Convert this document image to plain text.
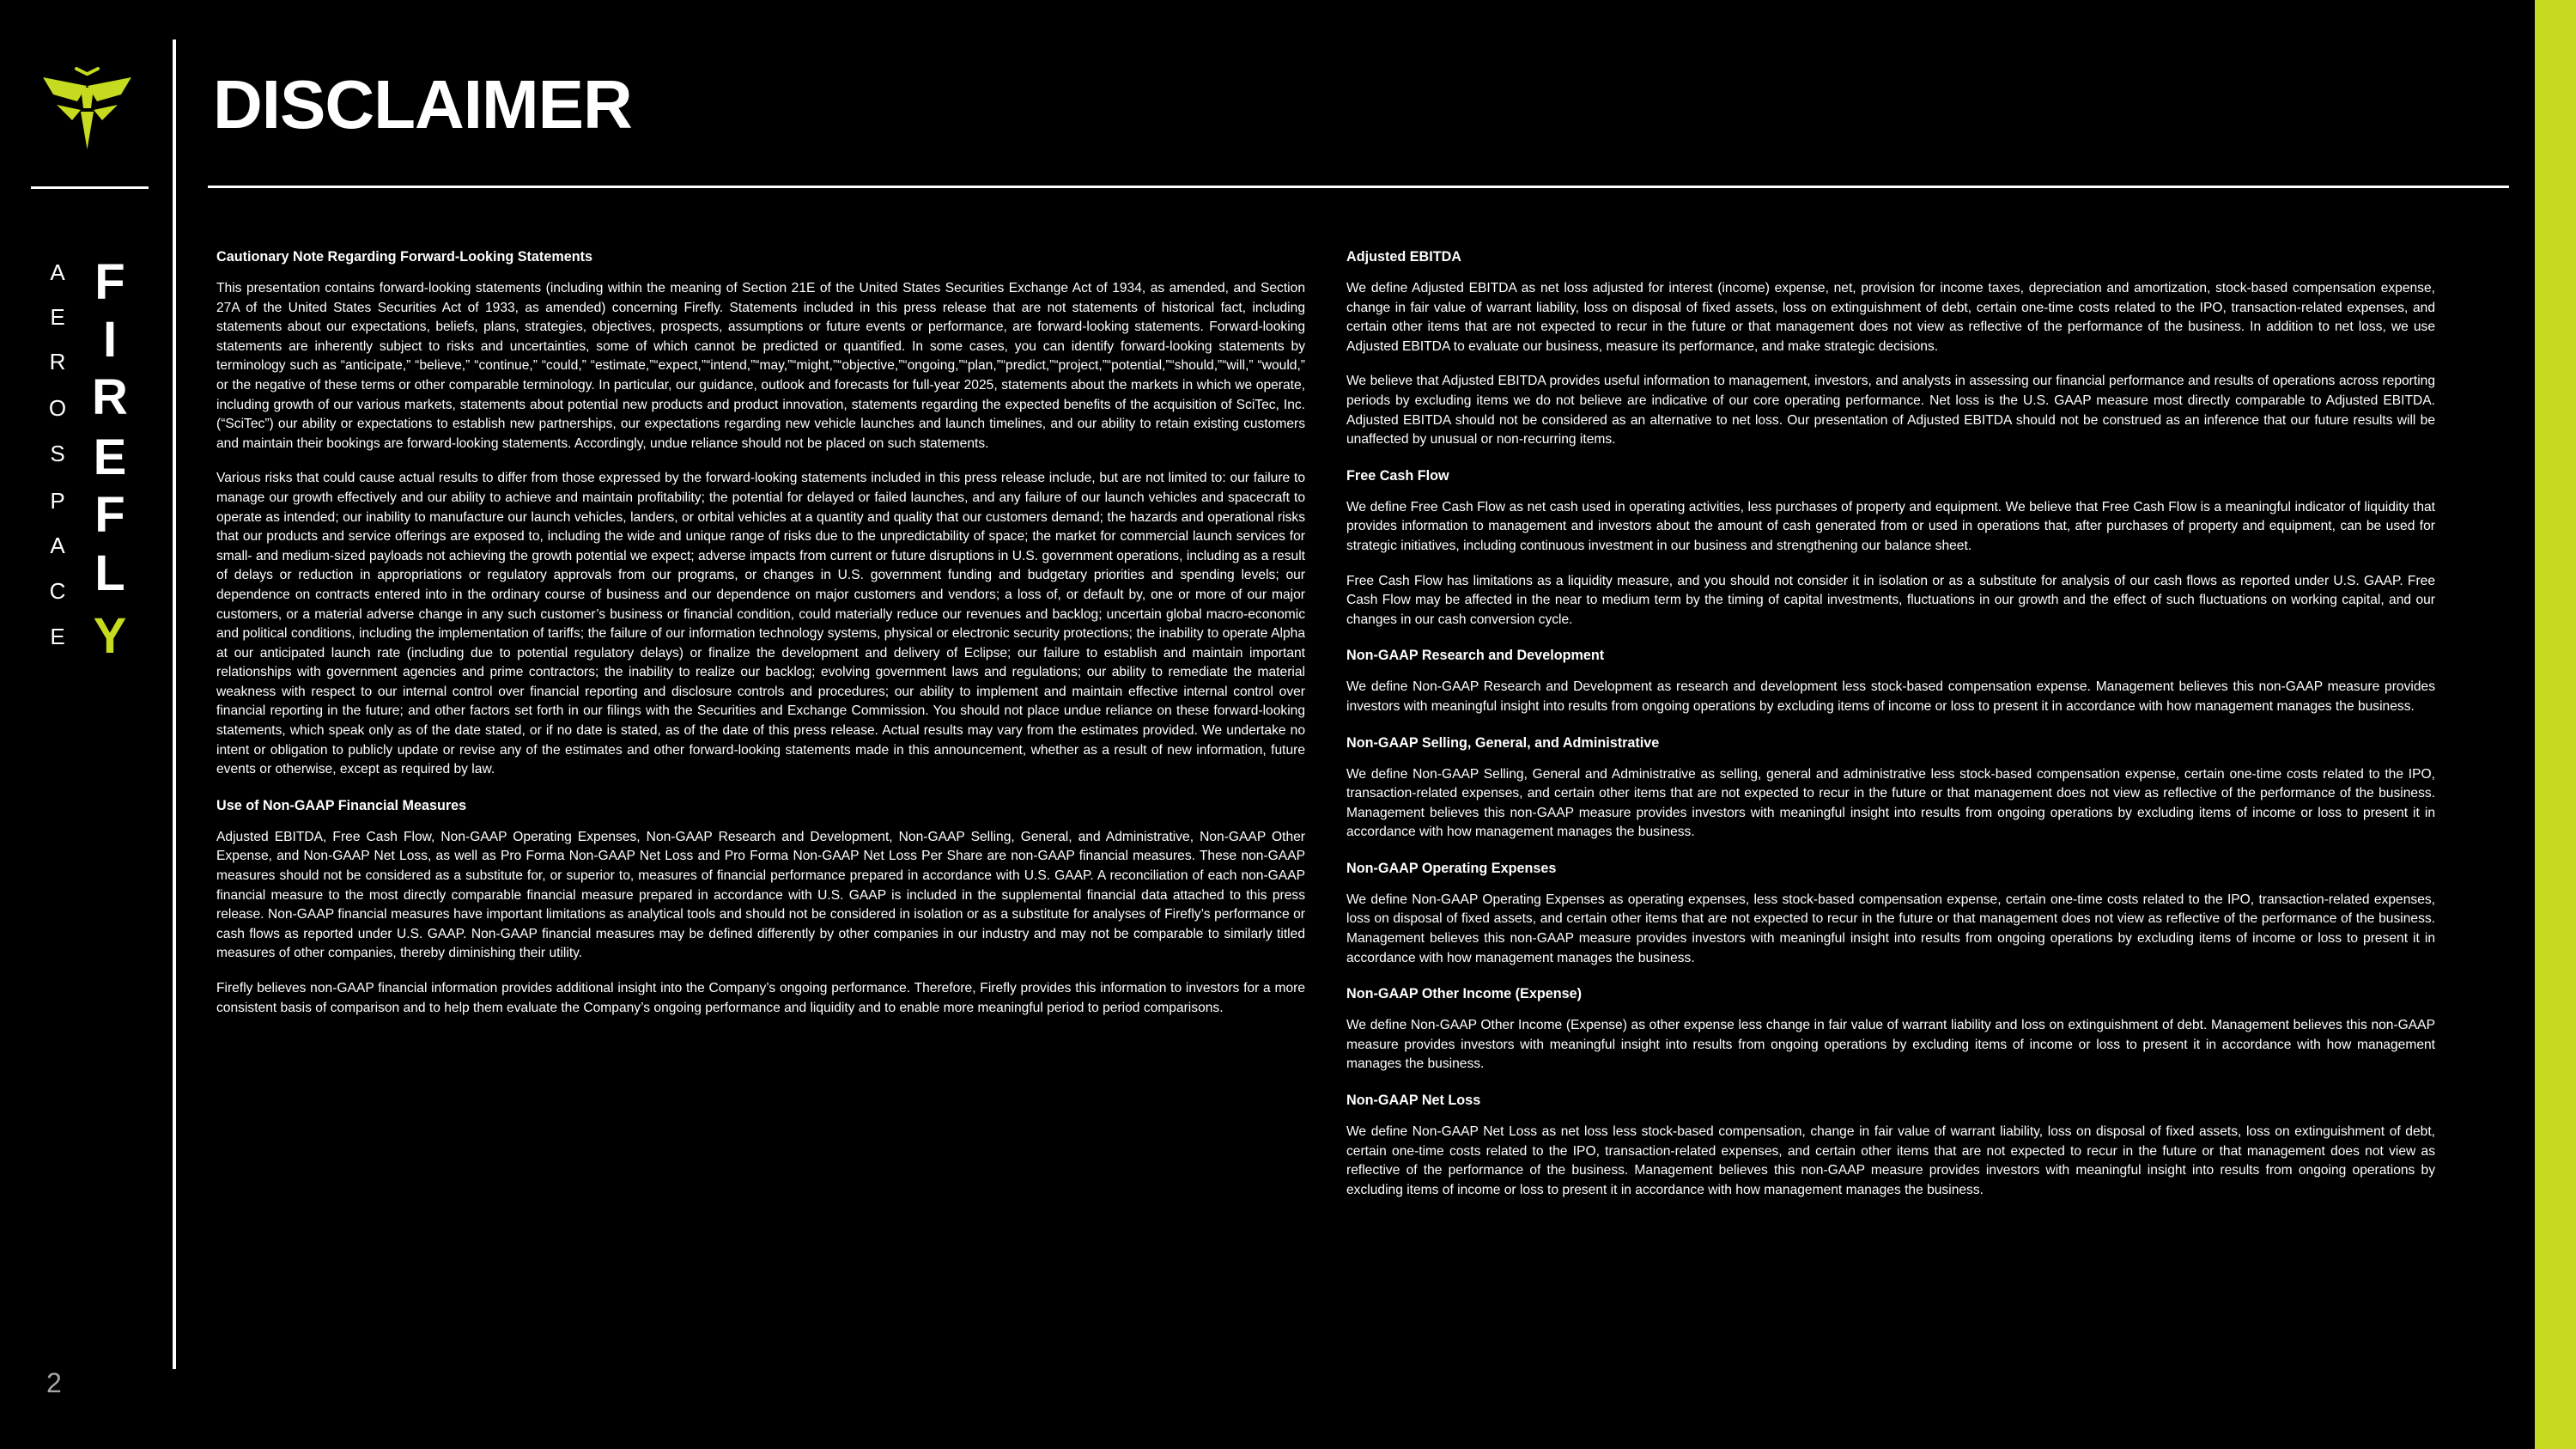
F
I
R
E
F
L
Y
A
E
R
O
S
P
A
C
E
DISCLAIMER
Cautionary Note Regarding Forward-Looking Statements

This presentation contains forward-looking statements (including within the meaning of Section 21E of the United States Securities Exchange Act of 1934, as amended, and Section 27A of the United States Securities Act of 1933, as amended) concerning Firefly. Statements included in this press release that are not statements of historical fact, including statements about our expectations, beliefs, plans, strategies, objectives, prospects, assumptions or future events or performance, are forward-looking statements. Forward-looking statements are inherently subject to risks and uncertainties, some of which cannot be predicted or quantified. In some cases, you can identify forward-looking statements by terminology such as “anticipate,” “believe,” “continue,” “could,” “estimate,”“expect,”“intend,”“may,”“might,”“objective,”“ongoing,”“plan,”“predict,”“project,”“potential,”“should,”“will,” “would,” or the negative of these terms or other comparable terminology. In particular, our guidance, outlook and forecasts for full-year 2025, statements about the markets in which we operate, including growth of our various markets, statements about potential new products and product innovation, statements regarding the expected benefits of the acquisition of SciTec, Inc. (“SciTec”) our ability or expectations to establish new partnerships, our expectations regarding new vehicle launches and launch timelines, and our ability to retain existing customers and maintain their bookings are forward-looking statements. Accordingly, undue reliance should not be placed on such statements.

Various risks that could cause actual results to differ from those expressed by the forward-looking statements included in this press release include, but are not limited to: our failure to manage our growth effectively and our ability to achieve and maintain profitability; the potential for delayed or failed launches, and any failure of our launch vehicles and spacecraft to operate as intended; our inability to manufacture our launch vehicles, landers, or orbital vehicles at a quantity and quality that our customers demand; the hazards and operational risks that our products and service offerings are exposed to, including the wide and unique range of risks due to the unpredictability of space; the market for commercial launch services for small- and medium-sized payloads not achieving the growth potential we expect; adverse impacts from current or future disruptions in U.S. government operations, including as a result of delays or reduction in appropriations or regulatory approvals from our programs, or changes in U.S. government funding and budgetary priorities and spending levels; our dependence on contracts entered into in the ordinary course of business and our dependence on major customers and vendors; a loss of, or default by, one or more of our major customers, or a material adverse change in any such customer’s business or financial condition, could materially reduce our revenues and backlog; uncertain global macro-economic and political conditions, including the implementation of tariffs; the failure of our information technology systems, physical or electronic security protections; the inability to operate Alpha at our anticipated launch rate (including due to potential regulatory delays) or finalize the development and delivery of Eclipse; our failure to establish and maintain important relationships with government agencies and prime contractors; the inability to realize our backlog; evolving government laws and regulations; our ability to remediate the material weakness with respect to our internal control over financial reporting and disclosure controls and procedures; our ability to implement and maintain effective internal control over financial reporting in the future; and other factors set forth in our filings with the Securities and Exchange Commission. You should not place undue reliance on these forward-looking statements, which speak only as of the date stated, or if no date is stated, as of the date of this press release. Actual results may vary from the estimates provided. We undertake no intent or obligation to publicly update or revise any of the estimates and other forward-looking statements made in this announcement, whether as a result of new information, future events or otherwise, except as required by law.

Use of Non-GAAP Financial Measures

Adjusted EBITDA, Free Cash Flow, Non-GAAP Operating Expenses, Non-GAAP Research and Development, Non-GAAP Selling, General, and Administrative, Non-GAAP Other Expense, and Non-GAAP Net Loss, as well as Pro Forma Non-GAAP Net Loss and Pro Forma Non-GAAP Net Loss Per Share are non-GAAP financial measures. These non-GAAP measures should not be considered as a substitute for, or superior to, measures of financial performance prepared in accordance with U.S. GAAP. A reconciliation of each non-GAAP financial measure to the most directly comparable financial measure prepared in accordance with U.S. GAAP is included in the supplemental financial data attached to this press release. Non-GAAP financial measures have important limitations as analytical tools and should not be considered in isolation or as a substitute for analyses of Firefly’s performance or cash flows as reported under U.S. GAAP. Non-GAAP financial measures may be defined differently by other companies in our industry and may not be comparable to similarly titled measures of other companies, thereby diminishing their utility.

Firefly believes non-GAAP financial information provides additional insight into the Company’s ongoing performance. Therefore, Firefly provides this information to investors for a more consistent basis of comparison and to help them evaluate the Company’s ongoing performance and liquidity and to enable more meaningful period to period comparisons.

Adjusted EBITDA

We define Adjusted EBITDA as net loss adjusted for interest (income) expense, net, provision for income taxes, depreciation and amortization, stock-based compensation expense, change in fair value of warrant liability, loss on disposal of fixed assets, loss on extinguishment of debt, certain one-time costs related to the IPO, transaction-related expenses, and certain other items that are not expected to recur in the future or that management does not view as reflective of the performance of the business. In addition to net loss, we use Adjusted EBITDA to evaluate our business, measure its performance, and make strategic decisions.

We believe that Adjusted EBITDA provides useful information to management, investors, and analysts in assessing our financial performance and results of operations across reporting periods by excluding items we do not believe are indicative of our core operating performance. Net loss is the U.S. GAAP measure most directly comparable to Adjusted EBITDA. Adjusted EBITDA should not be considered as an alternative to net loss. Our presentation of Adjusted EBITDA should not be construed as an inference that our future results will be unaffected by unusual or non-recurring items.

Free Cash Flow

We define Free Cash Flow as net cash used in operating activities, less purchases of property and equipment. We believe that Free Cash Flow is a meaningful indicator of liquidity that provides information to management and investors about the amount of cash generated from or used in operations that, after purchases of property and equipment, can be used for strategic initiatives, including continuous investment in our business and strengthening our balance sheet.

Free Cash Flow has limitations as a liquidity measure, and you should not consider it in isolation or as a substitute for analysis of our cash flows as reported under U.S. GAAP. Free Cash Flow may be affected in the near to medium term by the timing of capital investments, fluctuations in our growth and the effect of such fluctuations on working capital, and our changes in our cash conversion cycle.

Non-GAAP Research and Development

We define Non-GAAP Research and Development as research and development less stock-based compensation expense. Management believes this non-GAAP measure provides investors with meaningful insight into results from ongoing operations by excluding items of income or loss to present it in accordance with how management manages the business.

Non-GAAP Selling, General, and Administrative

We define Non-GAAP Selling, General and Administrative as selling, general and administrative less stock-based compensation expense, certain one-time costs related to the IPO, transaction-related expenses, and certain other items that are not expected to recur in the future or that management does not view as reflective of the performance of the business. Management believes this non-GAAP measure provides investors with meaningful insight into results from ongoing operations by excluding items of income or loss to present it in accordance with how management manages the business.

Non-GAAP Operating Expenses

We define Non-GAAP Operating Expenses as operating expenses, less stock-based compensation expense, certain one-time costs related to the IPO, transaction-related expenses, loss on disposal of fixed assets, and certain other items that are not expected to recur in the future or that management does not view as reflective of the performance of the business. Management believes this non-GAAP measure provides investors with meaningful insight into results from ongoing operations by excluding items of income or loss to present it in accordance with how management manages the business.

Non-GAAP Other Income (Expense)

We define Non-GAAP Other Income (Expense) as other expense less change in fair value of warrant liability and loss on extinguishment of debt. Management believes this non-GAAP measure provides investors with meaningful insight into results from ongoing operations by excluding items of income or loss to present it in accordance with how management manages the business.

Non-GAAP Net Loss

We define Non-GAAP Net Loss as net loss less stock-based compensation, change in fair value of warrant liability, loss on disposal of fixed assets, loss on extinguishment of debt, certain one-time costs related to the IPO, transaction-related expenses, and certain other items that are not expected to recur in the future or that management does not view as reflective of the performance of the business. Management believes this non-GAAP measure provides investors with meaningful insight into results from ongoing operations by excluding items of income or loss to present it in accordance with how management manages the business.

2
